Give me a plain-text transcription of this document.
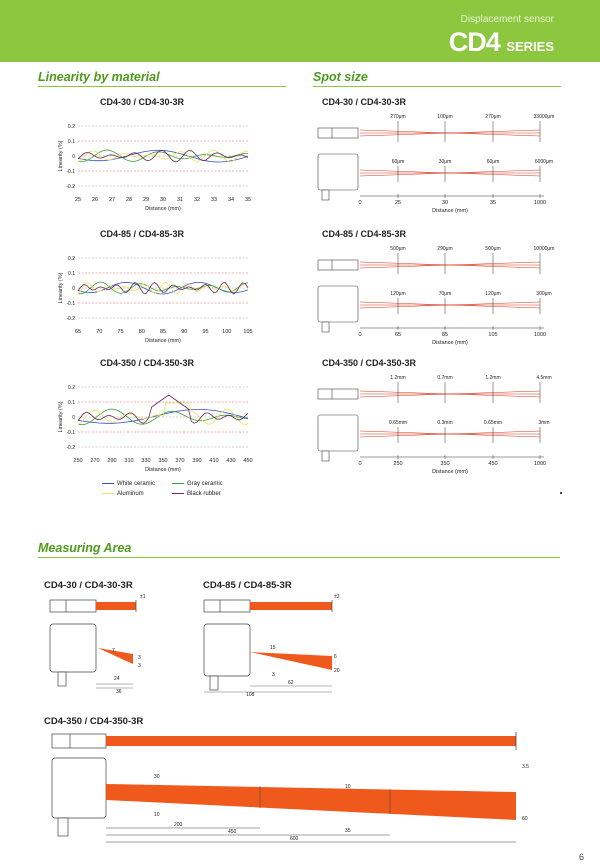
Displacement sensor
CD4 SERIES
Linearity by material	Spot size
Measuring Area
CD4-30 / CD4-30-3R
0.2
0.1
0
-0.1
-0.2
25 26 27 28 29 30 31 32 33 34 35
Distance (mm)
Linearity (%)
CD4-85 / CD4-85-3R
0.2
0.1
0
-0.1
-0.2
65	70	75	80	85	90	95 100 105
Distance (mm)
Linearity (%)
CD4-350 / CD4-350-3R
0.2
0.1
0
-0.1
-0.2
250 270 290 310 330 350 370 390 410 430 450
Distance (mm)
Linearity (%)
White ceramic	Gray ceramic
Aluminum	Black rubber
CD4-30 / CD4-30-3R
270μm	100μm	270μm	33000μm
60μm	30μm	60μm	6000μm
0	25	30	35	1000
Distance (mm)
CD4-85 / CD4-85-3R
500μm	290μm	500μm	10000μm
120μm	70μm	120μm	300μm
0	65	85	105	1000
Distance (mm)
CD4-350 / CD4-350-3R
1.2mm	0.7mm	1.2mm	4.5mm
0.65mm	0.3mm	0.65mm	3mm
0	250	350	450	1000
Distance (mm)
CD4-30 / CD4-30-3R
±1
7
3
3
24
36
CD4-85 / CD4-85-3R
±2
15
6
3
20
62
108
CD4-350 / CD4-350-3R
3.5
30
10
10
35
200
450
600
60
6
